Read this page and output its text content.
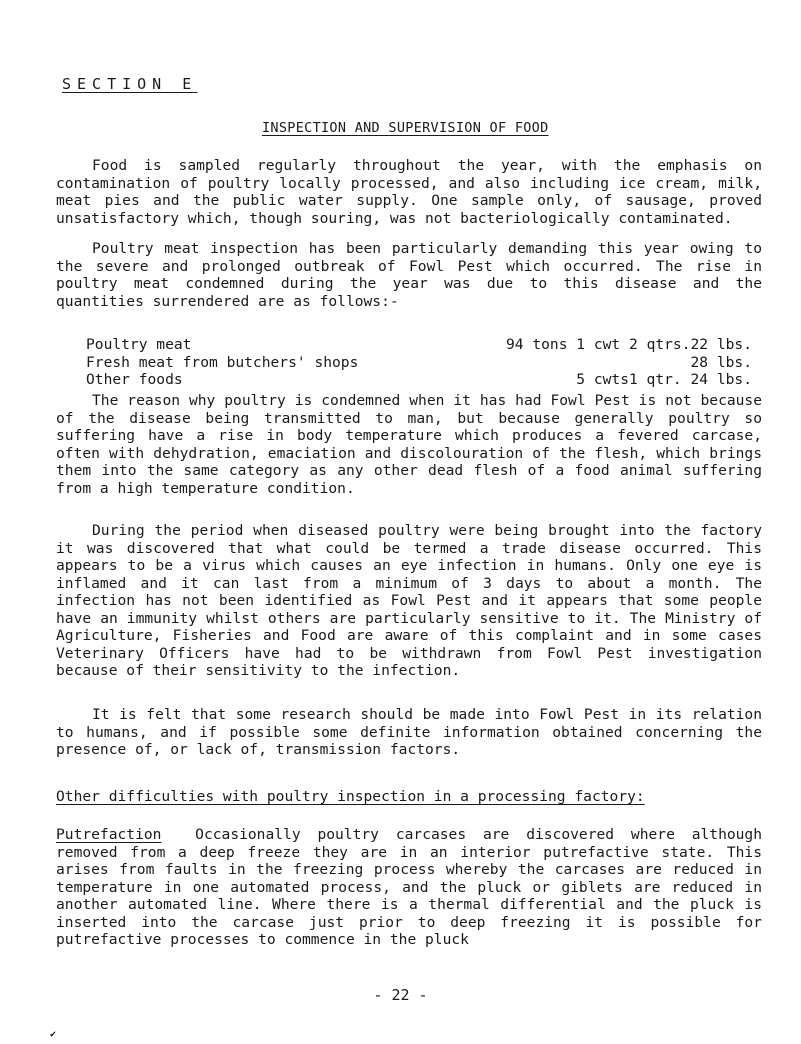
SECTION E
INSPECTION AND SUPERVISION OF FOOD

Food is sampled regularly throughout the year, with the emphasis on contamination of poultry locally processed, and also including ice cream, milk, meat pies and the public water supply. One sample only, of sausage, proved unsatisfactory which, though souring, was not bacteriologically contaminated.

Poultry meat inspection has been particularly demanding this year owing to the severe and prolonged outbreak of Fowl Pest which occurred. The rise in poultry meat condemned during the year was due to this disease and the quantities surrendered are as follows:-

Poultry meat	94 tons 1 cwt 2 qtrs.22 lbs.
Fresh meat from butchers' shops	28 lbs.
Other foods	5 cwts1 qtr. 24 lbs.

The reason why poultry is condemned when it has had Fowl Pest is not because of the disease being transmitted to man, but because generally poultry so suffering have a rise in body temperature which produces a fevered carcase, often with dehydration, emaciation and discolouration of the flesh, which brings them into the same category as any other dead flesh of a food animal suffering from a high temperature condition.

During the period when diseased poultry were being brought into the factory it was discovered that what could be termed a trade disease occurred. This appears to be a virus which causes an eye infection in humans. Only one eye is inflamed and it can last from a minimum of 3 days to about a month. The infection has not been identified as Fowl Pest and it appears that some people have an immunity whilst others are particularly sensitive to it. The Ministry of Agriculture, Fisheries and Food are aware of this complaint and in some cases Veterinary Officers have had to be withdrawn from Fowl Pest investigation because of their sensitivity to the infection.

It is felt that some research should be made into Fowl Pest in its relation to humans, and if possible some definite information obtained concerning the presence of, or lack of, transmission factors.

Other difficulties with poultry inspection in a processing factory:

Putrefaction Occasionally poultry carcases are discovered where although removed from a deep freeze they are in an interior putrefactive state. This arises from faults in the freezing process whereby the carcases are reduced in temperature in one automated process, and the pluck or giblets are reduced in another automated line. Where there is a thermal differential and the pluck is inserted into the carcase just prior to deep freezing it is possible for putrefactive processes to commence in the pluck

- 22 -
✔
